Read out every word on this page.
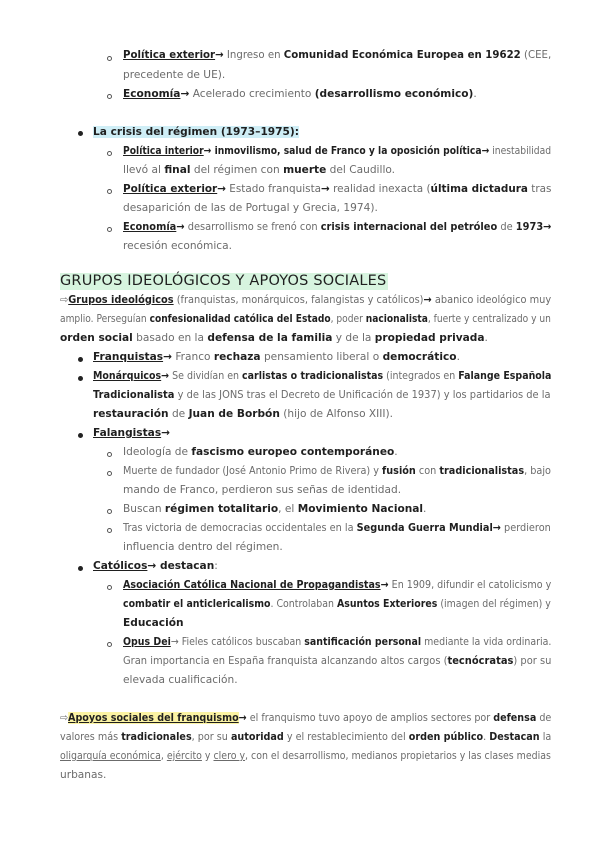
Política exterior→ Ingreso en Comunidad Económica Europea en 19622 (CEE,
precedente de UE).
Economía→ Acelerado crecimiento (desarrollismo económico).
La crisis del régimen (1973–1975):
Política interior→ inmovilismo, salud de Franco y la oposición política→ inestabilidad
llevó al final del régimen con muerte del Caudillo.
Política exterior→ Estado franquista→ realidad inexacta (última dictadura tras
desaparición de las de Portugal y Grecia, 1974).
Economía→ desarrollismo se frenó con crisis internacional del petróleo de 1973→
recesión económica.
GRUPOS IDEOLÓGICOS Y APOYOS SOCIALES
⇨Grupos ideológicos (franquistas, monárquicos, falangistas y católicos)→ abanico ideológico muy
amplio. Perseguían confesionalidad católica del Estado, poder nacionalista, fuerte y centralizado y un
orden social basado en la defensa de la familia y de la propiedad privada.
Franquistas→ Franco rechaza pensamiento liberal o democrático.
Monárquicos→ Se dividían en carlistas o tradicionalistas (integrados en Falange Española
Tradicionalista y de las JONS tras el Decreto de Unificación de 1937) y los partidarios de la
restauración de Juan de Borbón (hijo de Alfonso XIII).
Falangistas→
Ideología de fascismo europeo contemporáneo.
Muerte de fundador (José Antonio Primo de Rivera) y fusión con tradicionalistas, bajo
mando de Franco, perdieron sus señas de identidad.
Buscan régimen totalitario, el Movimiento Nacional.
Tras victoria de democracias occidentales en la Segunda Guerra Mundial→ perdieron
influencia dentro del régimen.
Católicos→ destacan:
Asociación Católica Nacional de Propagandistas→ En 1909, difundir el catolicismo y
combatir el anticlericalismo. Controlaban Asuntos Exteriores (imagen del régimen) y
Educación
Opus Dei→ Fieles católicos buscaban santificación personal mediante la vida ordinaria.
Gran importancia en España franquista alcanzando altos cargos (tecnócratas) por su
elevada cualificación.
⇨Apoyos sociales del franquismo→ el franquismo tuvo apoyo de amplios sectores por defensa de
valores más tradicionales, por su autoridad y el restablecimiento del orden público. Destacan la
oligarquía económica, ejército y clero y, con el desarrollismo, medianos propietarios y las clases medias
urbanas.
